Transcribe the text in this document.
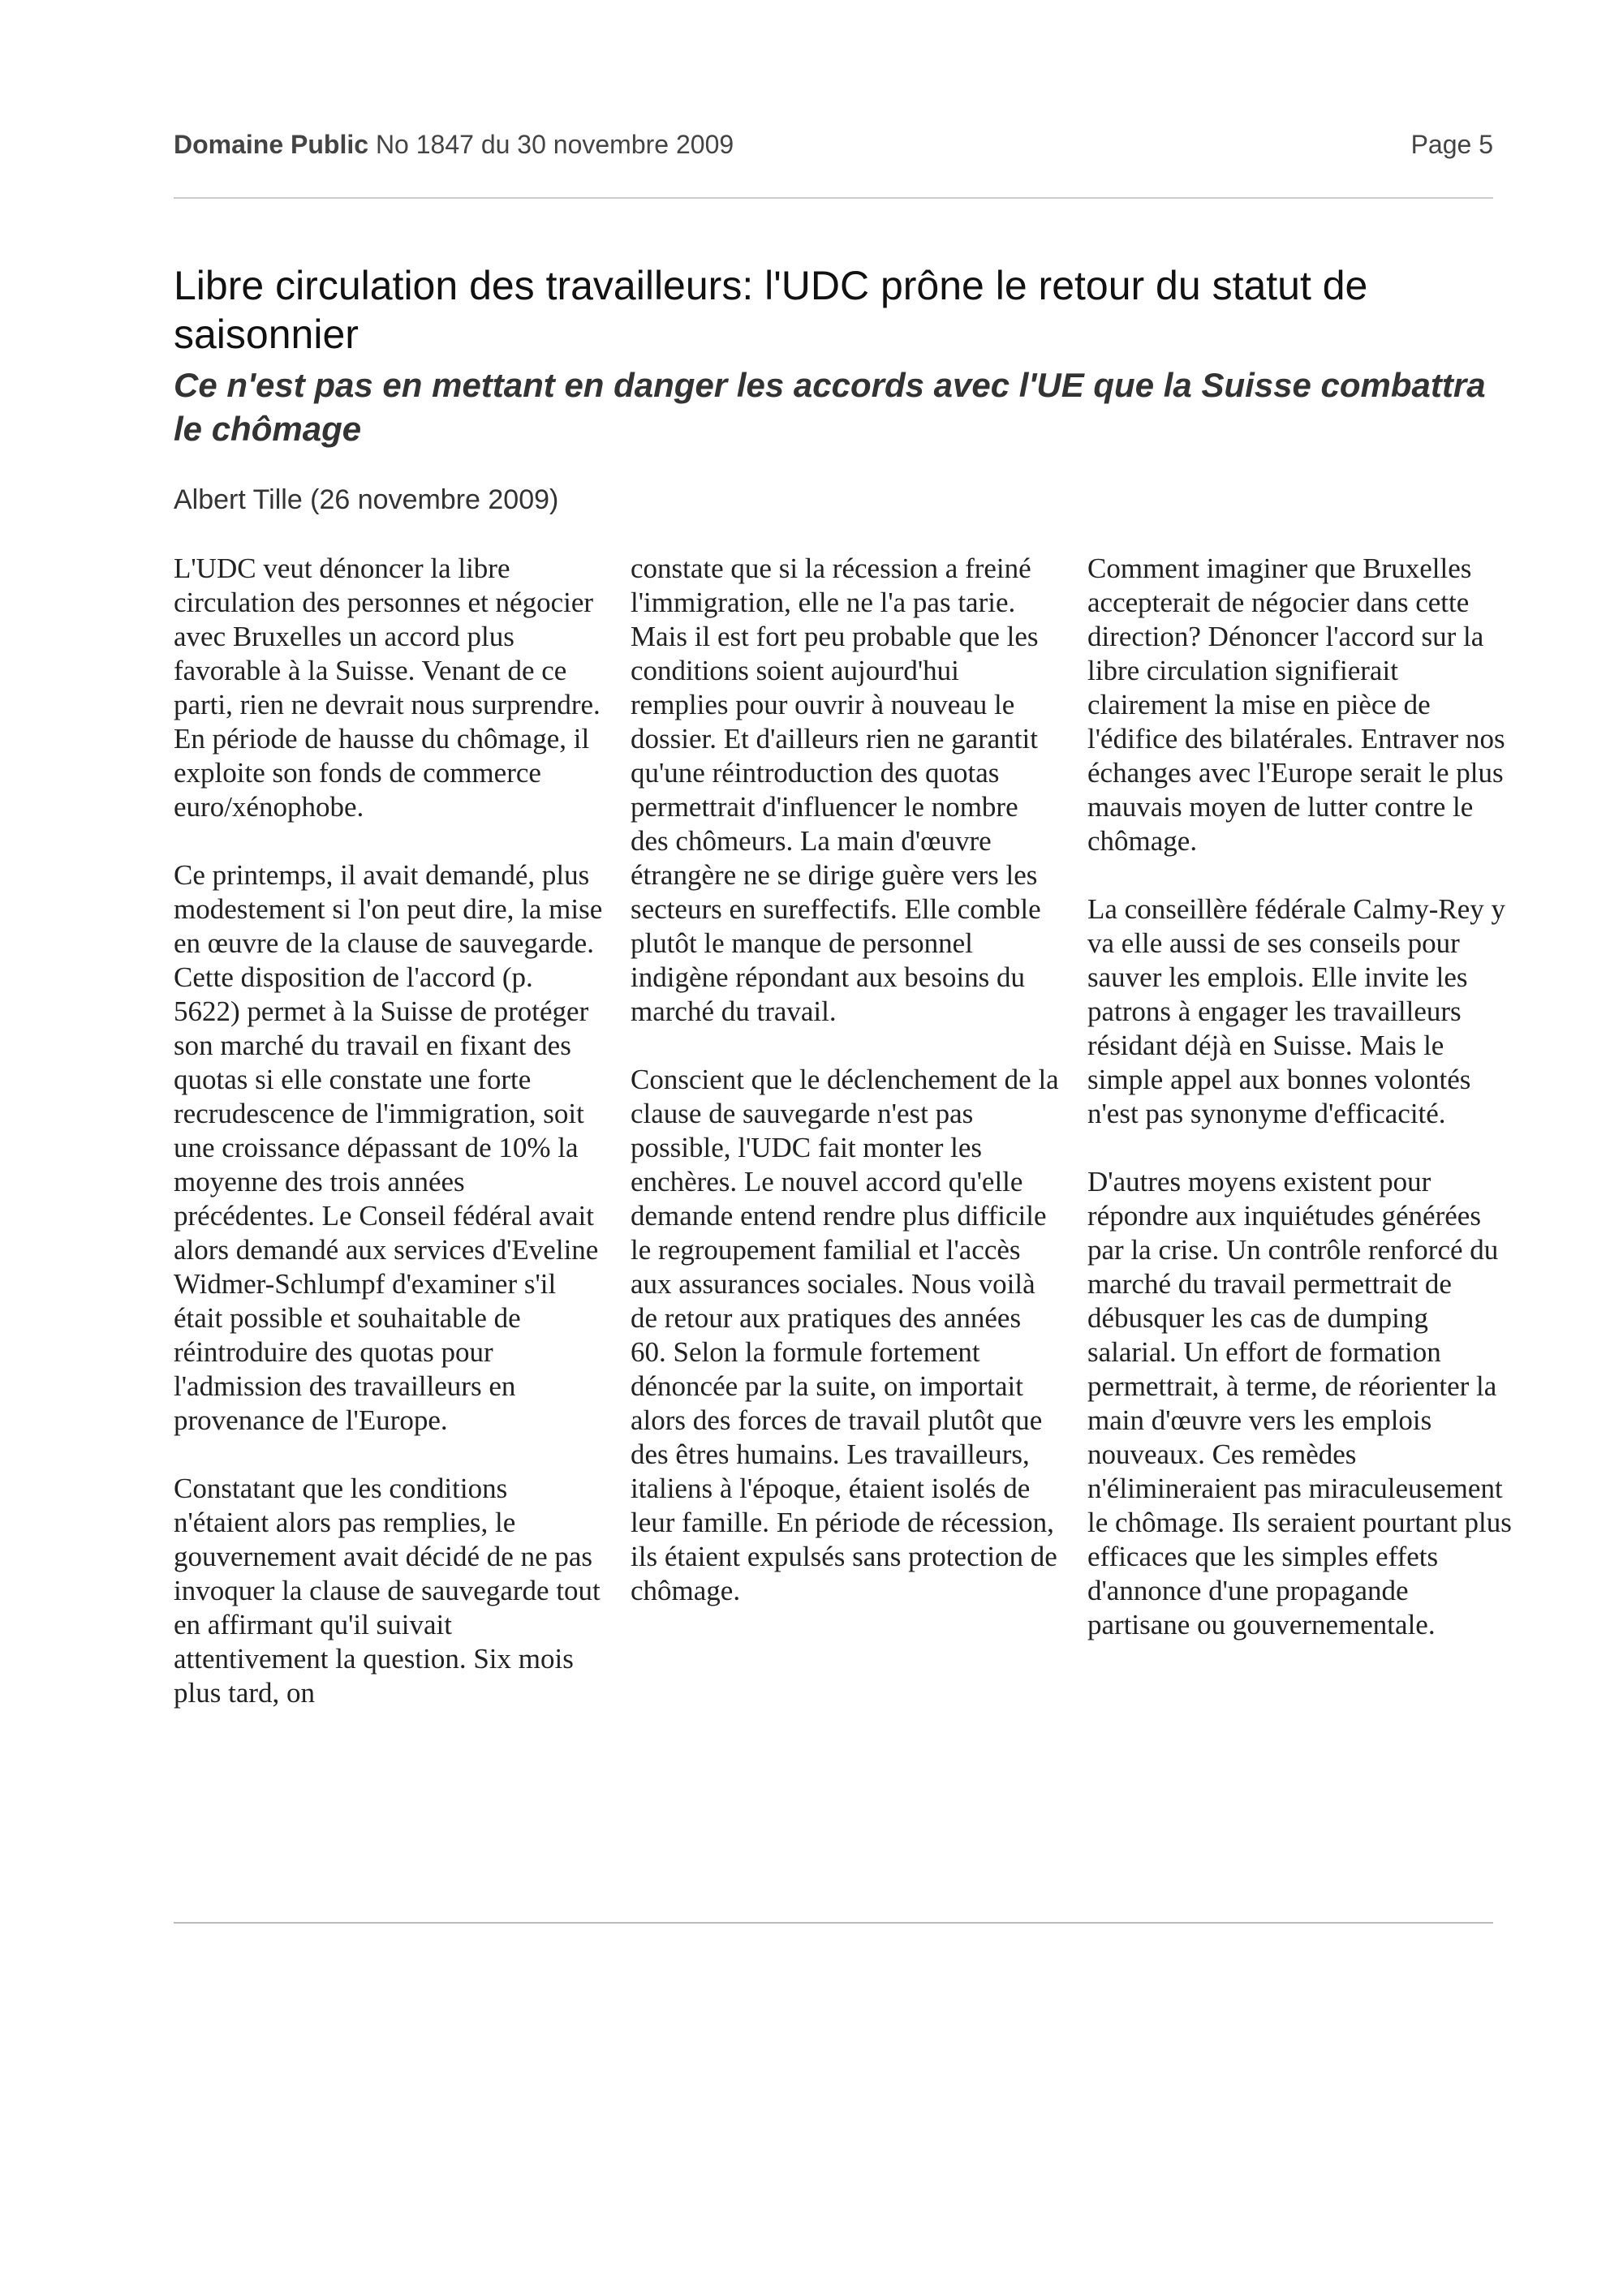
Domaine Public No 1847 du 30 novembre 2009	Page 5
Libre circulation des travailleurs: l'UDC prône le retour du statut de saisonnier
Ce n'est pas en mettant en danger les accords avec l'UE que la Suisse combattra le chômage
Albert Tille (26 novembre 2009)

L'UDC veut dénoncer la libre circulation des personnes et négocier avec Bruxelles un accord plus favorable à la Suisse. Venant de ce parti, rien ne devrait nous surprendre. En période de hausse du chômage, il exploite son fonds de commerce euro/xénophobe.

Ce printemps, il avait demandé, plus modestement si l'on peut dire, la mise en œuvre de la clause de sauvegarde. Cette disposition de l'accord (p. 5622) permet à la Suisse de protéger son marché du travail en fixant des quotas si elle constate une forte recrudescence de l'immigration, soit une croissance dépassant de 10% la moyenne des trois années précédentes. Le Conseil fédéral avait alors demandé aux services d'Eveline Widmer-Schlumpf d'examiner s'il était possible et souhaitable de réintroduire des quotas pour l'admission des travailleurs en provenance de l'Europe.

Constatant que les conditions n'étaient alors pas remplies, le gouvernement avait décidé de ne pas invoquer la clause de sauvegarde tout en affirmant qu'il suivait attentivement la question. Six mois plus tard, on

constate que si la récession a freiné l'immigration, elle ne l'a pas tarie. Mais il est fort peu probable que les conditions soient aujourd'hui remplies pour ouvrir à nouveau le dossier. Et d'ailleurs rien ne garantit qu'une réintroduction des quotas permettrait d'influencer le nombre des chômeurs. La main d'œuvre étrangère ne se dirige guère vers les secteurs en sureffectifs. Elle comble plutôt le manque de personnel indigène répondant aux besoins du marché du travail.

Conscient que le déclenchement de la clause de sauvegarde n'est pas possible, l'UDC fait monter les enchères. Le nouvel accord qu'elle demande entend rendre plus difficile le regroupement familial et l'accès aux assurances sociales. Nous voilà de retour aux pratiques des années 60. Selon la formule fortement dénoncée par la suite, on importait alors des forces de travail plutôt que des êtres humains. Les travailleurs, italiens à l'époque, étaient isolés de leur famille. En période de récession, ils étaient expulsés sans protection de chômage.

Comment imaginer que Bruxelles accepterait de négocier dans cette direction? Dénoncer l'accord sur la libre circulation signifierait clairement la mise en pièce de l'édifice des bilatérales. Entraver nos échanges avec l'Europe serait le plus mauvais moyen de lutter contre le chômage.

La conseillère fédérale Calmy-Rey y va elle aussi de ses conseils pour sauver les emplois. Elle invite les patrons à engager les travailleurs résidant déjà en Suisse. Mais le simple appel aux bonnes volontés n'est pas synonyme d'efficacité.

D'autres moyens existent pour répondre aux inquiétudes générées par la crise. Un contrôle renforcé du marché du travail permettrait de débusquer les cas de dumping salarial. Un effort de formation permettrait, à terme, de réorienter la main d'œuvre vers les emplois nouveaux. Ces remèdes n'élimineraient pas miraculeusement le chômage. Ils seraient pourtant plus efficaces que les simples effets d'annonce d'une propagande partisane ou gouvernementale.
